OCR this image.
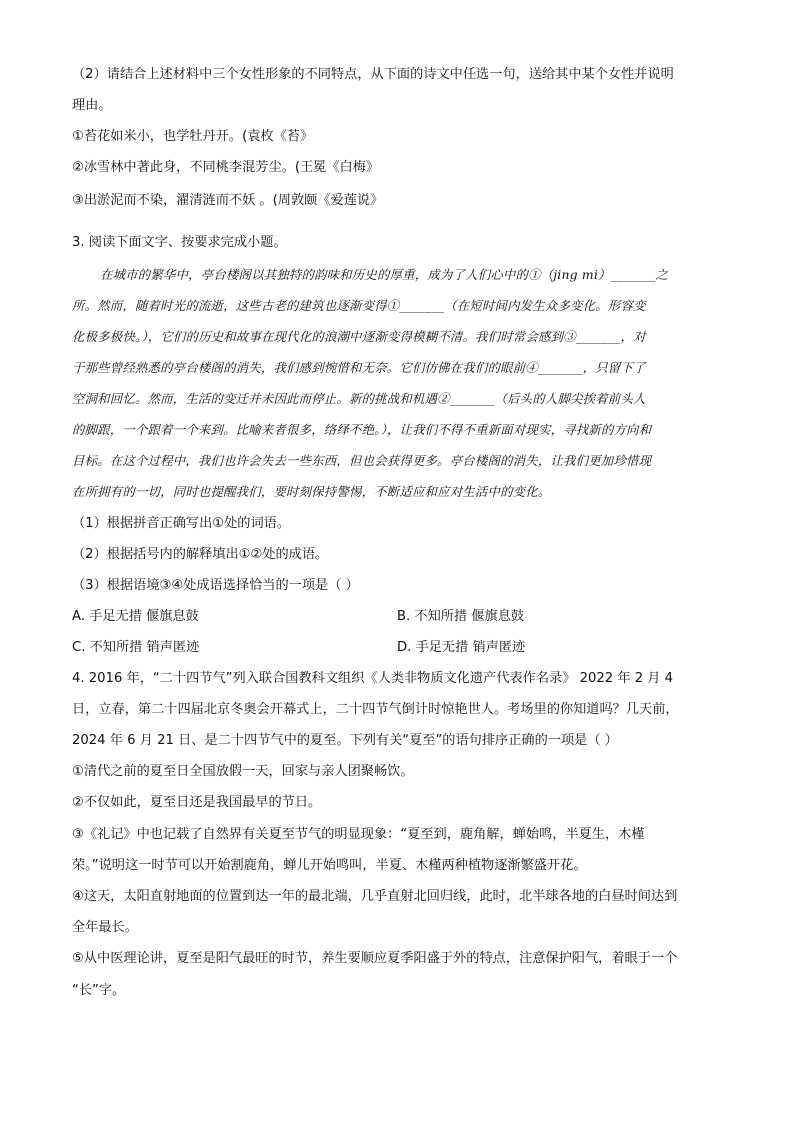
（2）请结合上述材料中三个女性形象的不同特点，从下面的诗文中任选一句，送给其中某个女性并说明
理由。
①苔花如米小，也学牡丹开。(袁枚《苔》
②冰雪林中著此身，不同桃李混芳尘。(王冕《白梅》
③出淤泥而不染，濯清涟而不妖 。(周敦颐《爱莲说》
3. 阅读下面文字、按要求完成小题。
在城市的繁华中，亭台楼阁以其独特的韵味和历史的厚重，成为了人们心中的①（jing mi）_______之
所。然而，随着时光的流逝，这些古老的建筑也逐渐变得①_______（在短时间内发生众多变化。形容变
化极多极快。），它们的历史和故事在现代化的浪潮中逐渐变得模糊不清。我们时常会感到③_______，对
于那些曾经熟悉的亭台楼阁的消失，我们感到惋惜和无奈。它们仿佛在我们的眼前④_______，只留下了
空洞和回忆。然而，生活的变迁并未因此而停止。新的挑战和机遇②_______（后头的人脚尖挨着前头人
的脚跟，一个跟着一个来到。比喻来者很多，络绎不绝。），让我们不得不重新面对现实，寻找新的方向和
目标。在这个过程中，我们也许会失去一些东西，但也会获得更多。亭台楼阁的消失，让我们更加珍惜现
在所拥有的一切，同时也提醒我们，要时刻保持警惕，不断适应和应对生活中的变化。
（1）根据拼音正确写出①处的词语。
（2）根据括号内的解释填出①②处的成语。
（3）根据语境③④处成语选择恰当的一项是（ ）
A. 手足无措 偃旗息鼓	B. 不知所措 偃旗息鼓
C. 不知所措 销声匿迹	D. 手足无措 销声匿迹
4. 2016 年，“二十四节气”列入联合国教科文组织《人类非物质文化遗产代表作名录》 2022 年 2 月 4
日，立春，第二十四届北京冬奥会开幕式上，二十四节气倒计时惊艳世人。考场里的你知道吗？几天前，
2024 年 6 月 21 日、是二十四节气中的夏至。下列有关“夏至”的语句排序正确的一项是（ ）
①清代之前的夏至日全国放假一天，回家与亲人团聚畅饮。
②不仅如此，夏至日还是我国最早的节日。
③《礼记》中也记载了自然界有关夏至节气的明显现象：“夏至到，鹿角解，蝉始鸣，半夏生，木槿
荣。”说明这一时节可以开始割鹿角，蝉儿开始鸣叫，半夏、木槿两种植物逐渐繁盛开花。
④这天，太阳直射地面的位置到达一年的最北端，几乎直射北回归线，此时，北半球各地的白昼时间达到
全年最长。
⑤从中医理论讲，夏至是阳气最旺的时节，养生要顺应夏季阳盛于外的特点，注意保护阳气，着眼于一个
“长”字。
